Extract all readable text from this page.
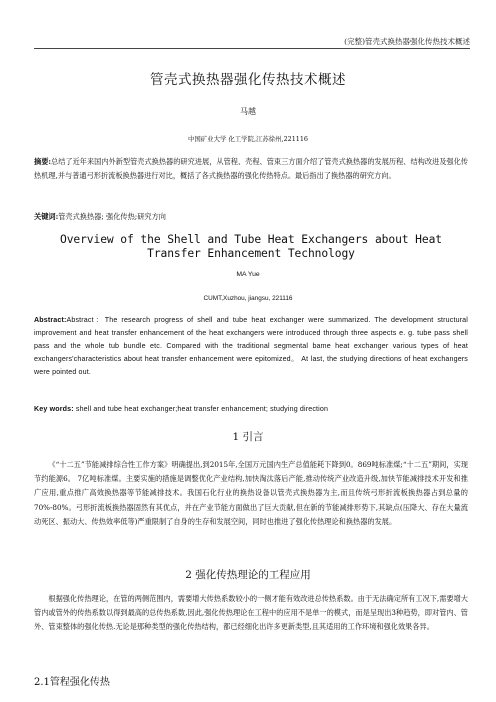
(完整)管壳式换热器强化传热技术概述
管壳式换热器强化传热技术概述
马越
中国矿业大学 化工学院,江苏徐州,221116
摘要:总结了近年来国内外新型管壳式换热器的研究进展，从管程、壳程、管束三方面介绍了管壳式换热器的发展历程、结构改进及强化传热机理,并与普通弓形折流板换热器进行对比，概括了各式换热器的强化传热特点。最后指出了换热器的研究方向。
关键词:管壳式换热器; 强化传热;研究方向
Overview of the Shell and Tube Heat Exchangers about Heat Transfer Enhancement Technology
MA Yue
CUMT,Xuzhou, jiangsu, 221116
Abstract:Abstract：The research progress of shell and tube heat exchanger were summarized. The development structural improvement and heat transfer enhancement of the heat exchangers were introduced through three aspects e. g. tube pass shell pass and the whole tub bundle etc. Compared with the traditional segmental bame heat exchanger various types of heat exchangers'characteristics about heat transfer enhancement were epitomized。 At last, the studying directions of heat exchangers were pointed out.
Key words: shell and tube heat exchanger;heat transfer enhancement; studying direction
1 引言
《“十二五”节能减排综合性工作方案》明确提出,到2015年,全国万元国内生产总值能耗下降到0。869吨标准煤;“十二五”期间，实现节约能源6。 7亿吨标准煤。主要实施的措施是调整优化产业结构,加快淘汰落后产能,推动传统产业改造升级,加快节能减排技术开发和推广应用,重点推广高效换热器等节能减排技术。我国石化行业的换热设备以管壳式换热器为主,而且传统弓形折流板换热器占到总量的70%-80%。弓形折流板换热器固然有其优点，并在产业节能方面做出了巨大贡献,但在新的节能减排形势下,其缺点(压降大、存在大量流动死区、振动大、传热效率低等)严重限制了自身的生存和发展空间，同时也推进了强化传热理论和换热器的发展。
2 强化传热理论的工程应用
根据强化传热理论，在管的两侧范围内，需要增大传热系数较小的一侧才能有效改进总传热系数。由于无法确定所有工况下,需要增大管内或管外的传热系数以得到最高的总传热系数,因此,强化传热理论在工程中的应用不是单一的模式，而是呈现出3种趋势，即对管内、管外、管束整体的强化传热.无论是那种类型的强化传热结构，都已经细化出许多更新类型,且其适用的工作环境和强化效果各异。
2.1管程强化传热
